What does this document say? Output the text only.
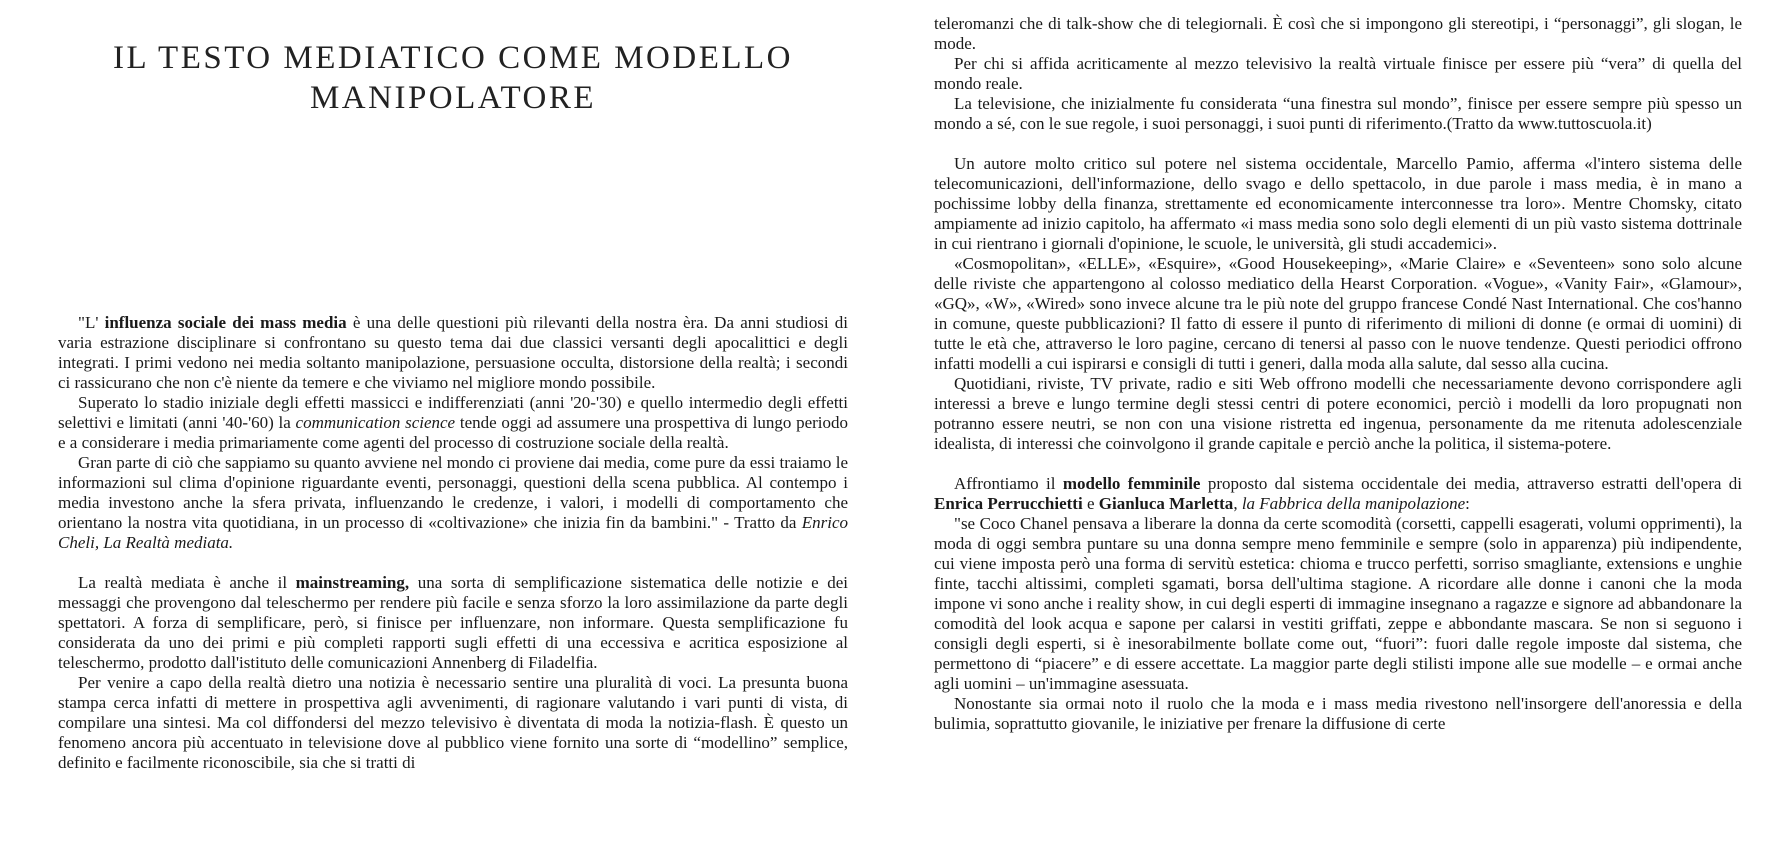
IL TESTO MEDIATICO COME MODELLO
MANIPOLATORE

"L' influenza sociale dei mass media è una delle questioni più rilevanti della nostra èra. Da anni studiosi di varia estrazione disciplinare si confrontano su questo tema dai due classici versanti degli apocalittici e degli integrati. I primi vedono nei media soltanto manipolazione, persuasione occulta, distorsione della realtà; i secondi ci rassicurano che non c'è niente da temere e che viviamo nel migliore mondo possibile.

Superato lo stadio iniziale degli effetti massicci e indifferenziati (anni '20-'30) e quello intermedio degli effetti selettivi e limitati (anni '40-'60) la communication science tende oggi ad assumere una prospettiva di lungo periodo e a considerare i media primariamente come agenti del processo di costruzione sociale della realtà.

Gran parte di ciò che sappiamo su quanto avviene nel mondo ci proviene dai media, come pure da essi traiamo le informazioni sul clima d'opinione riguardante eventi, personaggi, questioni della scena pubblica. Al contempo i media investono anche la sfera privata, influenzando le credenze, i valori, i modelli di comportamento che orientano la nostra vita quotidiana, in un processo di «coltivazione» che inizia fin da bambini." - Tratto da Enrico Cheli, La Realtà mediata.

La realtà mediata è anche il mainstreaming, una sorta di semplificazione sistematica delle notizie e dei messaggi che provengono dal teleschermo per rendere più facile e senza sforzo la loro assimilazione da parte degli spettatori. A forza di semplificare, però, si finisce per influenzare, non informare. Questa semplificazione fu considerata da uno dei primi e più completi rapporti sugli effetti di una eccessiva e acritica esposizione al teleschermo, prodotto dall'istituto delle comunicazioni Annenberg di Filadelfia.

Per venire a capo della realtà dietro una notizia è necessario sentire una pluralità di voci. La presunta buona stampa cerca infatti di mettere in prospettiva agli avvenimenti, di ragionare valutando i vari punti di vista, di compilare una sintesi. Ma col diffondersi del mezzo televisivo è diventata di moda la notizia-flash. È questo un fenomeno ancora più accentuato in televisione dove al pubblico viene fornito una sorte di “modellino” semplice, definito e facilmente riconoscibile, sia che si tratti di

teleromanzi che di talk-show che di telegiornali. È così che si impongono gli stereotipi, i “personaggi”, gli slogan, le mode.

Per chi si affida acriticamente al mezzo televisivo la realtà virtuale finisce per essere più “vera” di quella del mondo reale.

La televisione, che inizialmente fu considerata “una finestra sul mondo”, finisce per essere sempre più spesso un mondo a sé, con le sue regole, i suoi personaggi, i suoi punti di riferimento.(Tratto da www.tuttoscuola.it)

Un autore molto critico sul potere nel sistema occidentale, Marcello Pamio, afferma «l'intero sistema delle telecomunicazioni, dell'informazione, dello svago e dello spettacolo, in due parole i mass media, è in mano a pochissime lobby della finanza, strettamente ed economicamente interconnesse tra loro». Mentre Chomsky, citato ampiamente ad inizio capitolo, ha affermato «i mass media sono solo degli elementi di un più vasto sistema dottrinale in cui rientrano i giornali d'opinione, le scuole, le università, gli studi accademici».

«Cosmopolitan», «ELLE», «Esquire», «Good Housekeeping», «Marie Claire» e «Seventeen» sono solo alcune delle riviste che appartengono al colosso mediatico della Hearst Corporation. «Vogue», «Vanity Fair», «Glamour», «GQ», «W», «Wired» sono invece alcune tra le più note del gruppo francese Condé Nast International. Che cos'hanno in comune, queste pubblicazioni? Il fatto di essere il punto di riferimento di milioni di donne (e ormai di uomini) di tutte le età che, attraverso le loro pagine, cercano di tenersi al passo con le nuove tendenze. Questi periodici offrono infatti modelli a cui ispirarsi e consigli di tutti i generi, dalla moda alla salute, dal sesso alla cucina.

Quotidiani, riviste, TV private, radio e siti Web offrono modelli che necessariamente devono corrispondere agli interessi a breve e lungo termine degli stessi centri di potere economici, perciò i modelli da loro propugnati non potranno essere neutri, se non con una visione ristretta ed ingenua, personamente da me ritenuta adolescenziale idealista, di interessi che coinvolgono il grande capitale e perciò anche la politica, il sistema-potere.

Affrontiamo il modello femminile proposto dal sistema occidentale dei media, attraverso estratti dell'opera di Enrica Perrucchietti e Gianluca Marletta, la Fabbrica della manipolazione:

"se Coco Chanel pensava a liberare la donna da certe scomodità (corsetti, cappelli esagerati, volumi opprimenti), la moda di oggi sembra puntare su una donna sempre meno femminile e sempre (solo in apparenza) più indipendente, cui viene imposta però una forma di servitù estetica: chioma e trucco perfetti, sorriso smagliante, extensions e unghie finte, tacchi altissimi, completi sgamati, borsa dell'ultima stagione. A ricordare alle donne i canoni che la moda impone vi sono anche i reality show, in cui degli esperti di immagine insegnano a ragazze e signore ad abbandonare la comodità del look acqua e sapone per calarsi in vestiti griffati, zeppe e abbondante mascara. Se non si seguono i consigli degli esperti, si è inesorabilmente bollate come out, “fuori”: fuori dalle regole imposte dal sistema, che permettono di “piacere” e di essere accettate. La maggior parte degli stilisti impone alle sue modelle – e ormai anche agli uomini – un'immagine asessuata.

Nonostante sia ormai noto il ruolo che la moda e i mass media rivestono nell'insorgere dell'anoressia e della bulimia, soprattutto giovanile, le iniziative per frenare la diffusione di certe
